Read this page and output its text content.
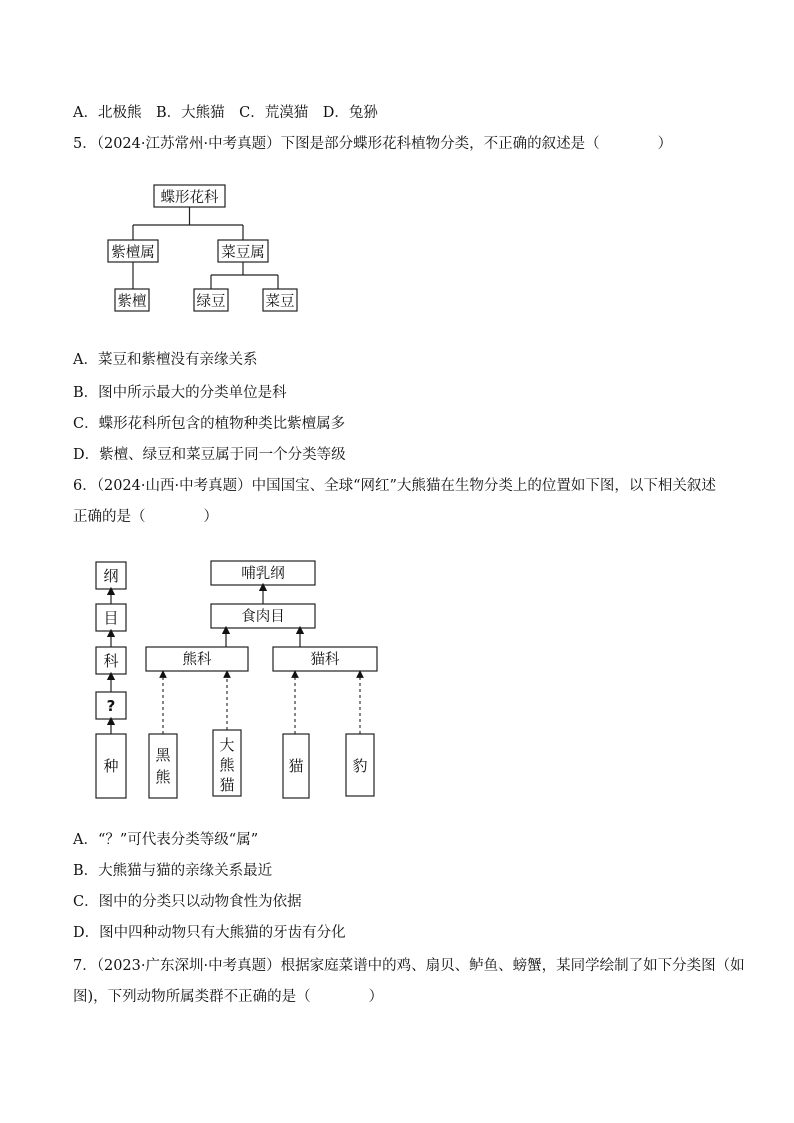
A．北极熊　B．大熊猫　C．荒漠猫　D．兔狲
5．（2024·江苏常州·中考真题）下图是部分蝶形花科植物分类，不正确的叙述是（　　　　）
蝶形花科
紫檀属	菜豆属
紫檀	绿豆	菜豆
A．菜豆和紫檀没有亲缘关系
B．图中所示最大的分类单位是科
C．蝶形花科所包含的植物种类比紫檀属多
D．紫檀、绿豆和菜豆属于同一个分类等级
6．（2024·山西·中考真题）中国国宝、全球“网红”大熊猫在生物分类上的位置如下图，以下相关叙述
正确的是（　　　　）
纲
目
科
?
种
哺乳纲
食肉目
熊科	猫科
黑
熊
大
熊
猫
猫	豹
A．“？”可代表分类等级“属”
B．大熊猫与猫的亲缘关系最近
C．图中的分类只以动物食性为依据
D．图中四种动物只有大熊猫的牙齿有分化
7．（2023·广东深圳·中考真题）根据家庭菜谱中的鸡、扇贝、鲈鱼、螃蟹，某同学绘制了如下分类图（如
图)，下列动物所属类群不正确的是（　　　　）
